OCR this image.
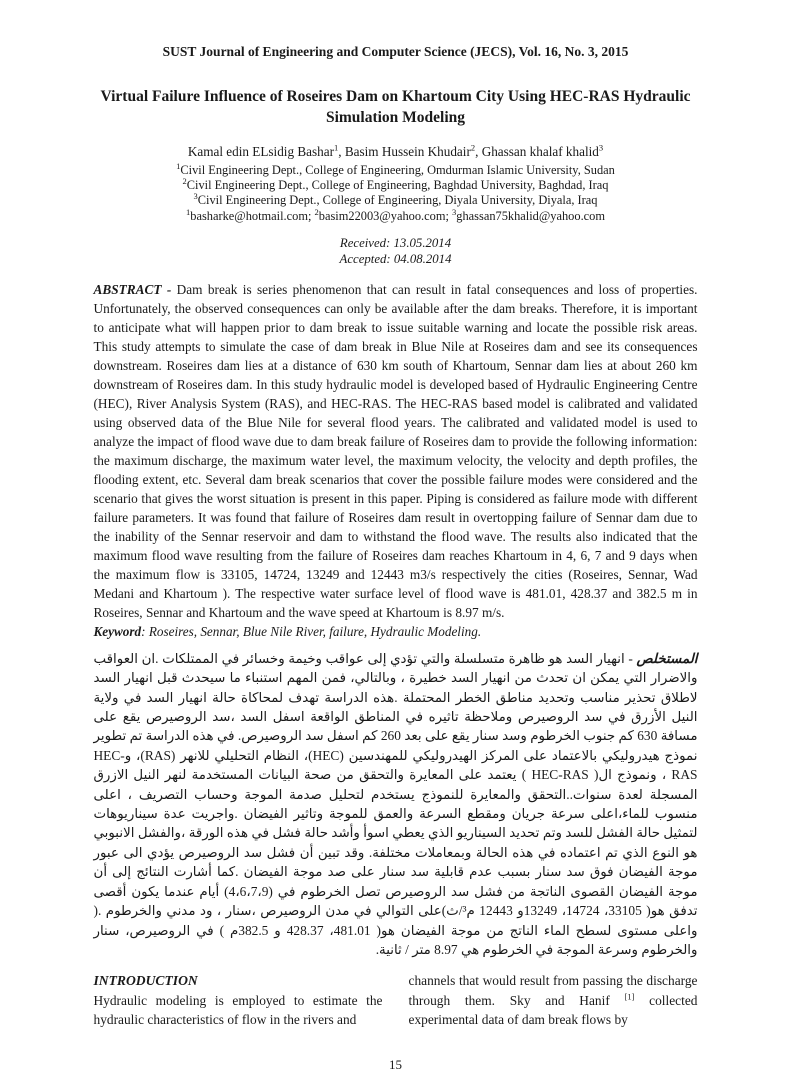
SUST Journal of Engineering and Computer Science (JECS), Vol. 16, No. 3, 2015
Virtual Failure Influence of Roseires Dam on Khartoum City Using HEC-RAS Hydraulic Simulation Modeling
Kamal edin ELsidig Bashar$^1$, Basim Hussein Khudair$^2$, Ghassan khalaf khalid$^3$
$^1$Civil Engineering Dept., College of Engineering, Omdurman Islamic University, Sudan
$^2$Civil Engineering Dept., College of Engineering, Baghdad University, Baghdad, Iraq
$^3$Civil Engineering Dept., College of Engineering, Diyala University, Diyala, Iraq
$^1$basharke@hotmail.com; $^2$basim22003@yahoo.com; $^3$ghassan75khalid@yahoo.com
Received: 13.05.2014
Accepted: 04.08.2014

ABSTRACT - Dam break is series phenomenon that can result in fatal consequences and loss of properties. Unfortunately, the observed consequences can only be available after the dam breaks. Therefore, it is important to anticipate what will happen prior to dam break to issue suitable warning and locate the possible risk areas. This study attempts to simulate the case of dam break in Blue Nile at Roseires dam and see its consequences downstream. Roseires dam lies at a distance of 630 km south of Khartoum, Sennar dam lies at about 260 km downstream of Roseires dam. In this study hydraulic model is developed based of Hydraulic Engineering Centre (HEC), River Analysis System (RAS), and HEC-RAS. The HEC-RAS based model is calibrated and validated using observed data of the Blue Nile for several flood years. The calibrated and validated model is used to analyze the impact of flood wave due to dam break failure of Roseires dam to provide the following information: the maximum discharge, the maximum water level, the maximum velocity, the velocity and depth profiles, the flooding extent, etc. Several dam break scenarios that cover the possible failure modes were considered and the scenario that gives the worst situation is present in this paper. Piping is considered as failure mode with different failure parameters. It was found that failure of Roseires dam result in overtopping failure of Sennar dam due to the inability of the Sennar reservoir and dam to withstand the flood wave. The results also indicated that the maximum flood wave resulting from the failure of Roseires dam reaches Khartoum in 4, 6, 7 and 9 days when the maximum flow is 33105, 14724, 13249 and 12443 m3/s respectively the cities (Roseires, Sennar, Wad Medani and Khartoum ). The respective water surface level of flood wave is 481.01, 428.37 and 382.5 m in Roseires, Sennar and Khartoum and the wave speed at Khartoum is 8.97 m/s.

Keyword: Roseires, Sennar, Blue Nile River, failure, Hydraulic Modeling.

المستخلص - انهيار السد هو ظاهرة متسلسلة والتي تؤدي إلى عواقب وخيمة وخسائر في الممتلكات .ان العواقب والاضرار التي يمكن ان تحدث من انهيار السد خطيرة ، وبالتالي، فمن المهم استنباء ما سيحدث قبل انهيار السد لاطلاق تحذير مناسب وتحديد مناطق الخطر المحتملة .هذه الدراسة تهدف لمحاكاة حالة انهيار السد في ولاية النيل الأزرق في سد الروصيرص وملاحظة تاثيره في المناطق الواقعة اسفل السد ،سد الروصيرص يقع على مسافة 630 كم جنوب الخرطوم وسد سنار يقع على بعد 260 كم اسفل سد الروصيرص. في هذه الدراسة تم تطوير نموذج هيدروليكي بالاعتماد على المركز الهيدروليكي للمهندسين (HEC)، النظام التحليلي للانهر (RAS)، و-HEC RAS ، ونموذج ال( HEC-RAS ) يعتمد على المعايرة والتحقق من صحة البيانات المستخدمة لنهر النيل الازرق المسجلة لعدة سنوات..التحقق والمعايرة للنموذج يستخدم لتحليل صدمة الموجة وحساب التصريف ، اعلى منسوب للماء،اعلى سرعة جريان ومقطع السرعة والعمق للموجة وتاثير الفيضان .واجريت عدة سيناريوهات لتمثيل حالة الفشل للسد وتم تحديد السيناريو الذي يعطي اسوأ وأشد حالة فشل في هذه الورقة ،والفشل الانبوبي هو النوع الذي تم اعتماده في هذه الحالة وبمعاملات مختلفة. وقد تبين أن فشل سد الروصيرص يؤدي الى عبور موجة الفيضان فوق سد سنار بسبب عدم قابلية سد سنار على صد موجة الفيضان .كما أشارت النتائج إلى أن موجة الفيضان القصوى الناتجة من فشل سد الروصيرص تصل الخرطوم في (4،6،7،9) أيام عندما يكون أقصى تدفق هو( 33105، 14724، 13249و 12443 م³/ث)على التوالي في مدن الروصيرص ،سنار ، ود مدني والخرطوم .( واعلى مستوى لسطح الماء الناتج من موجة الفيضان هو( 481.01، 428.37 و 382.5م ) في الروصيرص، سنار والخرطوم وسرعة الموجة في الخرطوم هي 8.97 متر / ثانية.

INTRODUCTION
Hydraulic modeling is employed to estimate the hydraulic characteristics of flow in the rivers and
channels that would result from passing the discharge through them. Sky and Hanif [1] collected experimental data of dam break flows by
15
